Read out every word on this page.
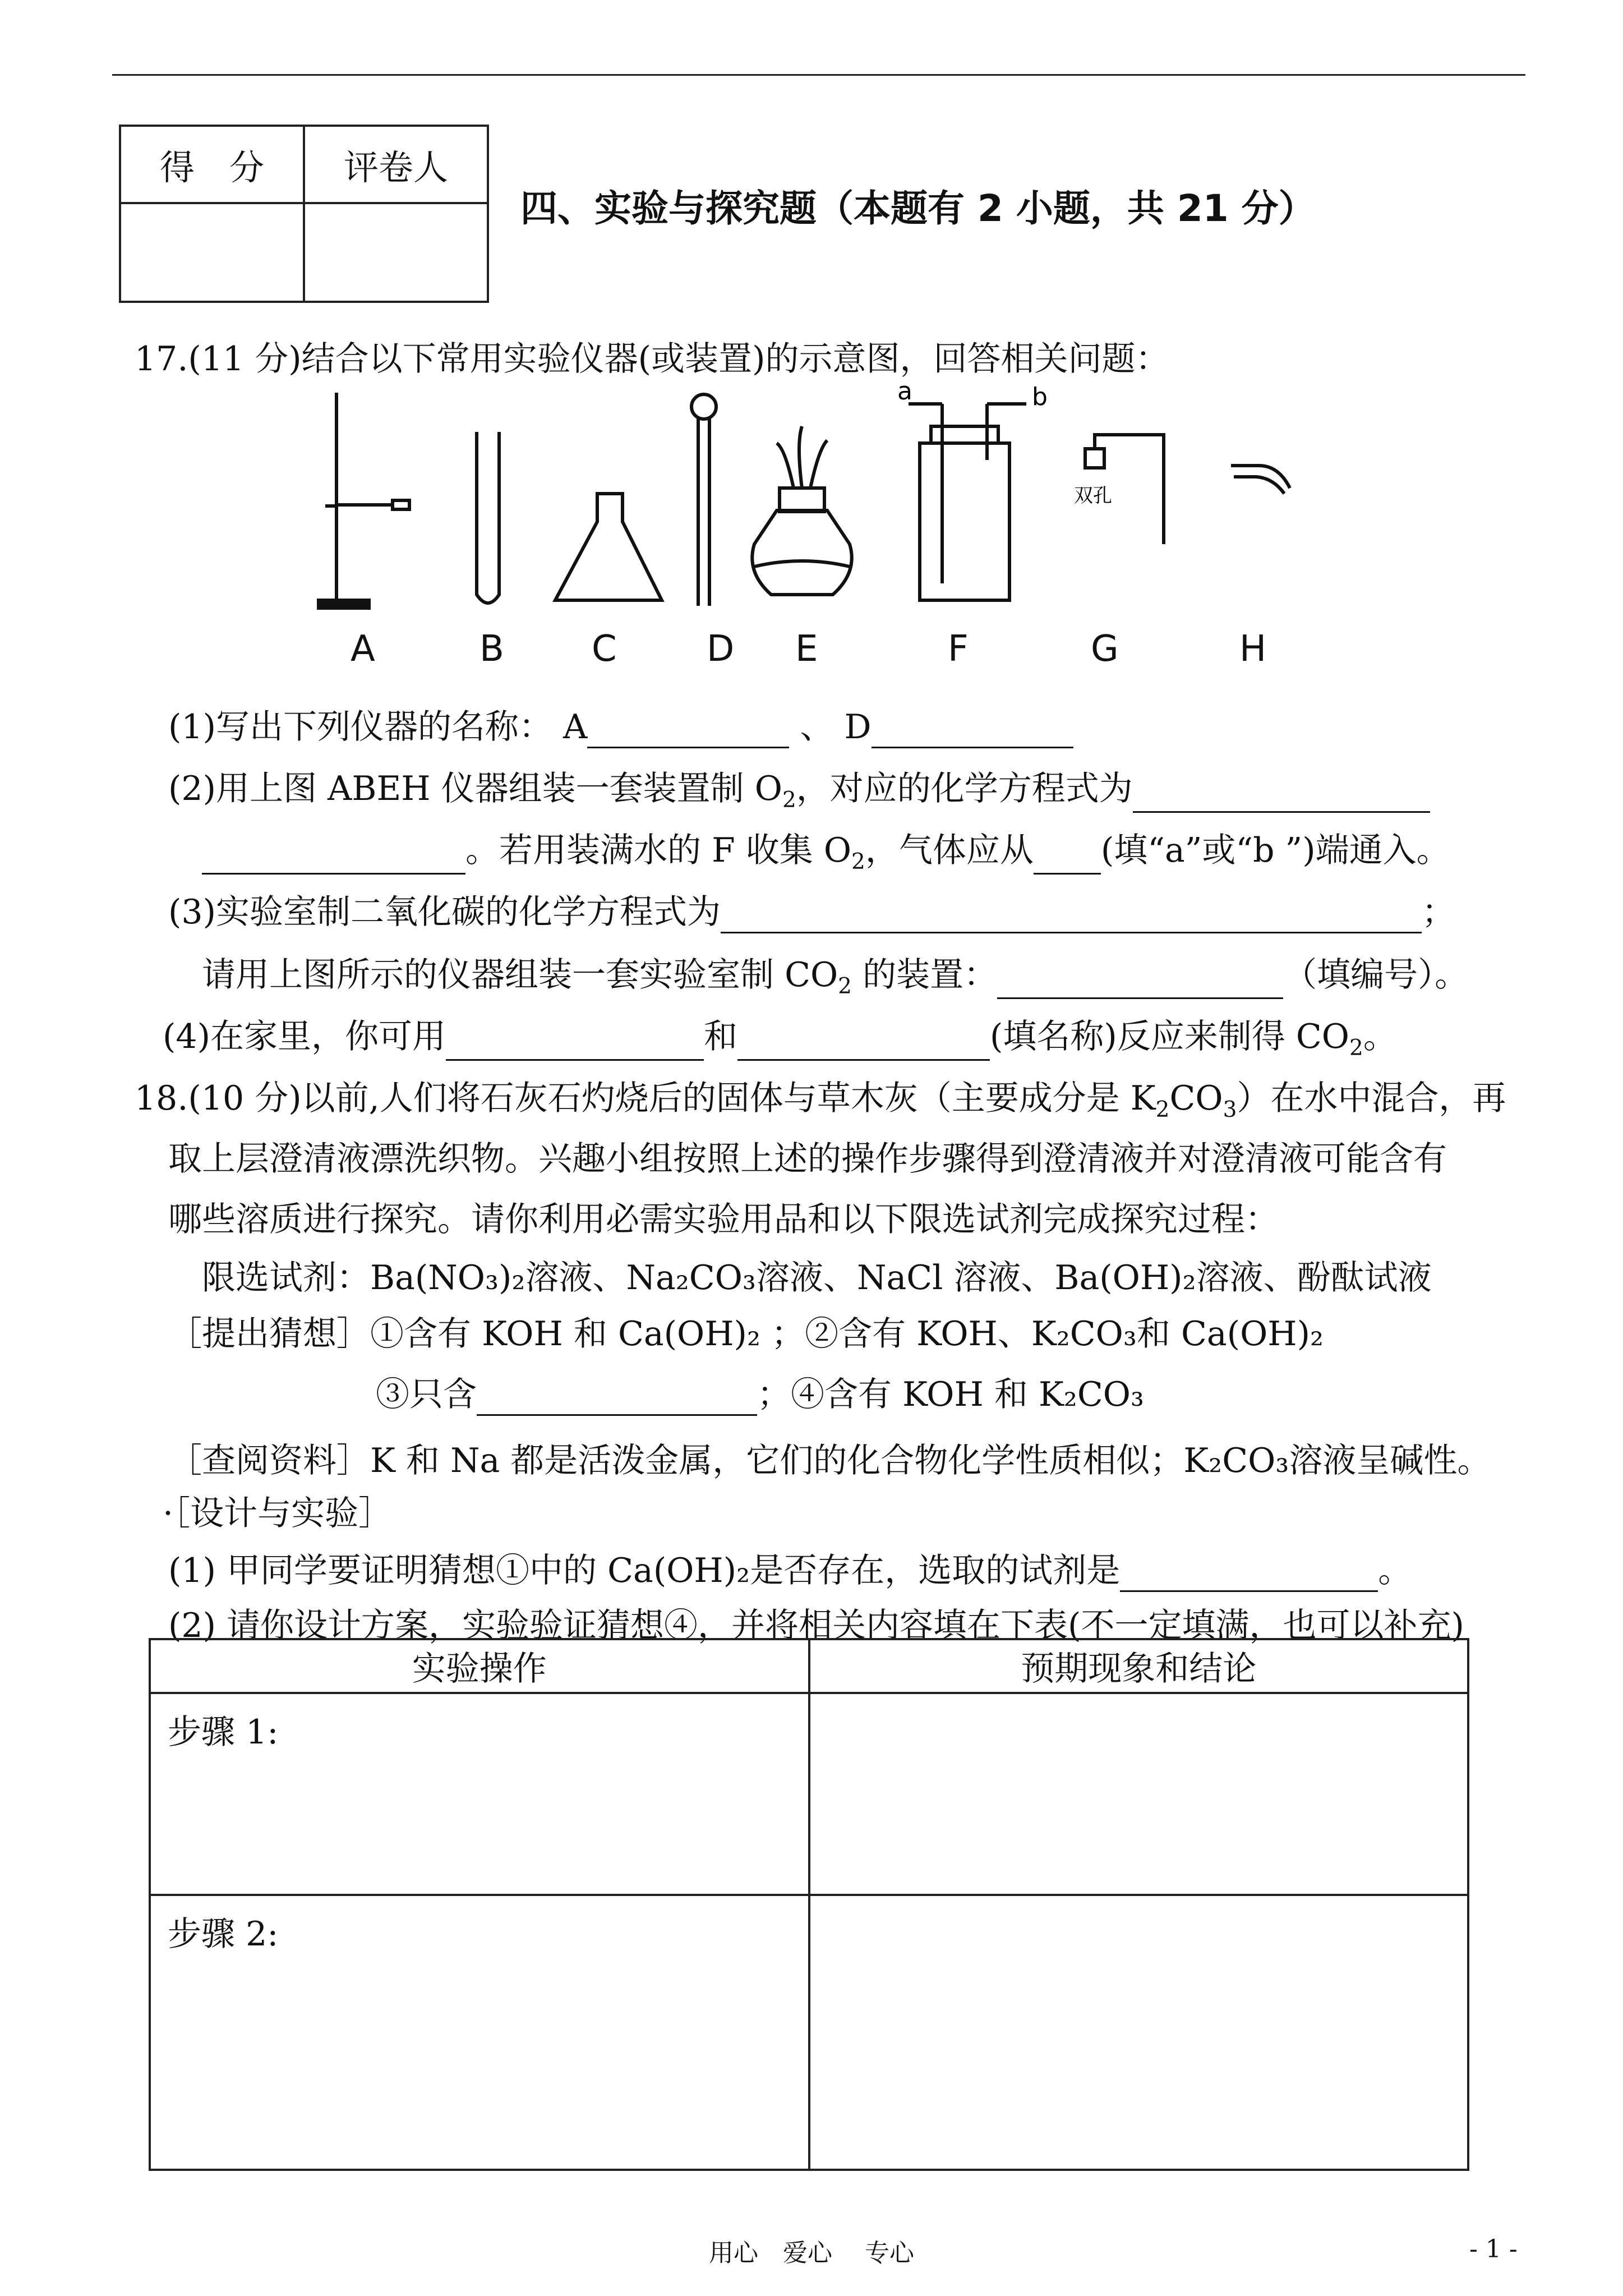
得　分	评卷人

四、实验与探究题（本题有 2 小题，共 21 分）
17.(11 分)结合以下常用实验仪器(或装置)的示意图，回答相关问题：
a	b
双孔
A	B C	D E	F	G	H
(1)写出下列仪器的名称： A	、 D
(2)用上图 ABEH 仪器组装一套装置制 $O_2$，对应的化学方程式为
。若用装满水的 F 收集 $O_2$，气体应从 (填“a”或“b ”)端通入。
(3)实验室制二氧化碳的化学方程式为	；
请用上图所示的仪器组装一套实验室制 $CO_2$ 的装置：	（填编号）。
(4)在家里，你可用	和	(填名称)反应来制得 $CO_2$。
18.(10 分)以前,人们将石灰石灼烧后的固体与草木灰（主要成分是 $K_2CO_3$）在水中混合，再
取上层澄清液漂洗织物。兴趣小组按照上述的操作步骤得到澄清液并对澄清液可能含有
哪些溶质进行探究。请你利用必需实验用品和以下限选试剂完成探究过程：
限选试剂：Ba(NO₃)₂溶液、Na₂CO₃溶液、NaCl 溶液、Ba(OH)₂溶液、酚酞试液
［提出猜想］①含有 KOH 和 Ca(OH)₂ ；②含有 KOH、K₂CO₃和 Ca(OH)₂
③只含	；④含有 KOH 和 K₂CO₃
［查阅资料］K 和 Na 都是活泼金属，它们的化合物化学性质相似；K₂CO₃溶液呈碱性。
·［设计与实验］
(1) 甲同学要证明猜想①中的 Ca(OH)₂是否存在，选取的试剂是	。
(2) 请你设计方案，实验验证猜想④，并将相关内容填在下表(不一定填满，也可以补充)
实验操作	预期现象和结论
步骤 1:	
步骤 2:	
用心　爱心　 专心	- 1 -
